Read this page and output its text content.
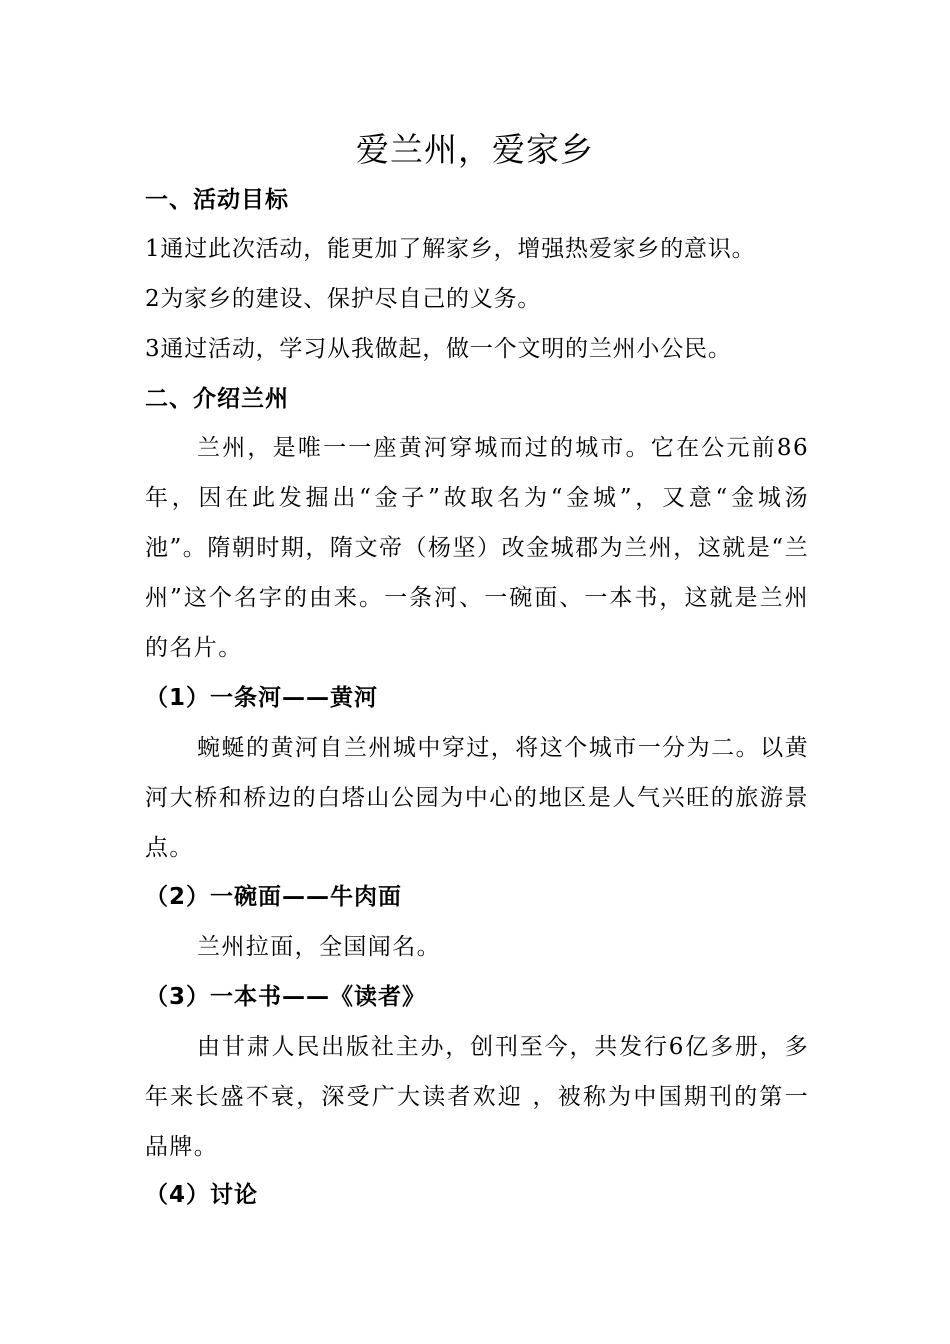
爱兰州，爱家乡
一、活动目标
1通过此次活动，能更加了解家乡，增强热爱家乡的意识。
2为家乡的建设、保护尽自己的义务。
3通过活动，学习从我做起，做一个文明的兰州小公民。
二、介绍兰州
兰州，是唯一一座黄河穿城而过的城市。它在公元前86年，因在此发掘出“金子”故取名为“金城”，又意“金城汤池”。隋朝时期，隋文帝（杨坚）改金城郡为兰州，这就是“兰州”这个名字的由来。一条河、一碗面、一本书，这就是兰州的名片。
（1）一条河——黄河
蜿蜒的黄河自兰州城中穿过，将这个城市一分为二。以黄河大桥和桥边的白塔山公园为中心的地区是人气兴旺的旅游景点。
（2）一碗面——牛肉面
兰州拉面，全国闻名。
（3）一本书——《读者》
由甘肃人民出版社主办，创刊至今，共发行6亿多册，多年来长盛不衰，深受广大读者欢迎 ，被称为中国期刊的第一品牌。
（4）讨论
